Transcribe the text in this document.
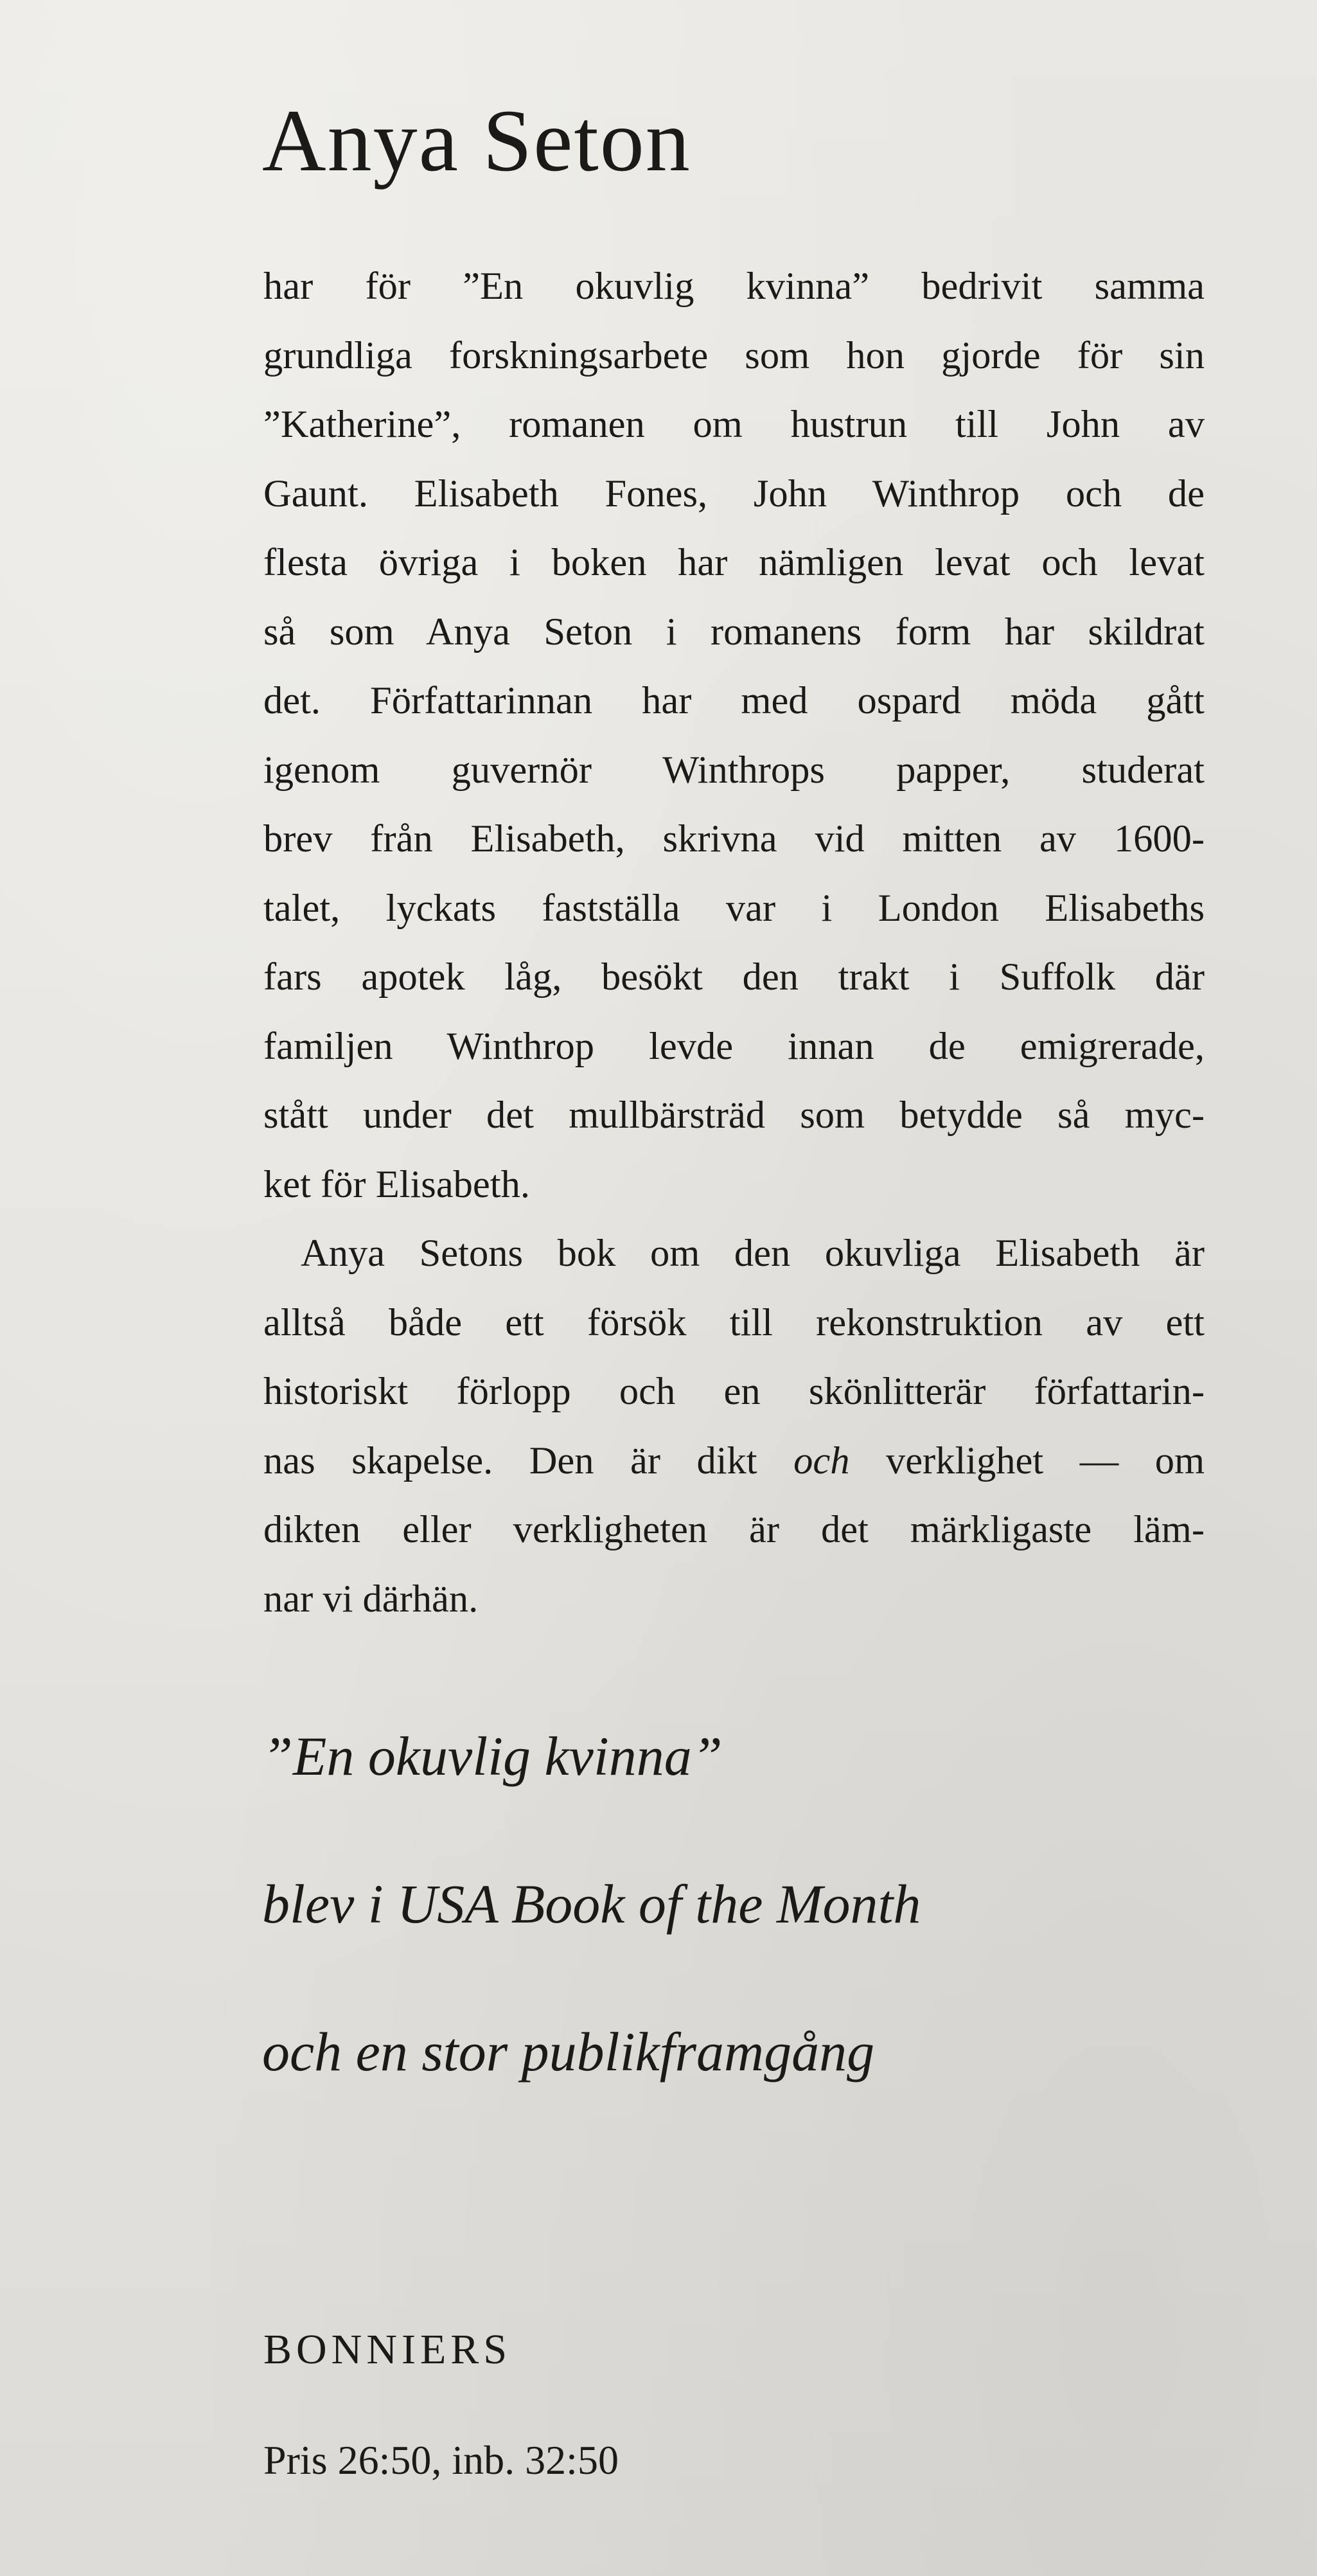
Anya Seton

har för ”En okuvlig kvinna” bedrivit samma
grundliga forskningsarbete som hon gjorde för sin
”Katherine”, romanen om hustrun till John av
Gaunt. Elisabeth Fones, John Winthrop och de
flesta övriga i boken har nämligen levat och levat
så som Anya Seton i romanens form har skildrat
det. Författarinnan har med ospard möda gått
igenom guvernör Winthrops papper, studerat
brev från Elisabeth, skrivna vid mitten av 1600-
talet, lyckats fastställa var i London Elisabeths
fars apotek låg, besökt den trakt i Suffolk där
familjen Winthrop levde innan de emigrerade,
stått under det mullbärsträd som betydde så myc-
ket för Elisabeth.

Anya Setons bok om den okuvliga Elisabeth är
alltså både ett försök till rekonstruktion av ett
historiskt förlopp och en skönlitterär författarin-
nas skapelse. Den är dikt och verklighet — om
dikten eller verkligheten är det märkligaste läm-
nar vi därhän.

”En okuvlig kvinna”
blev i USA Book of the Month
och en stor publikframgång

BONNIERS

Pris 26:50, inb. 32:50
